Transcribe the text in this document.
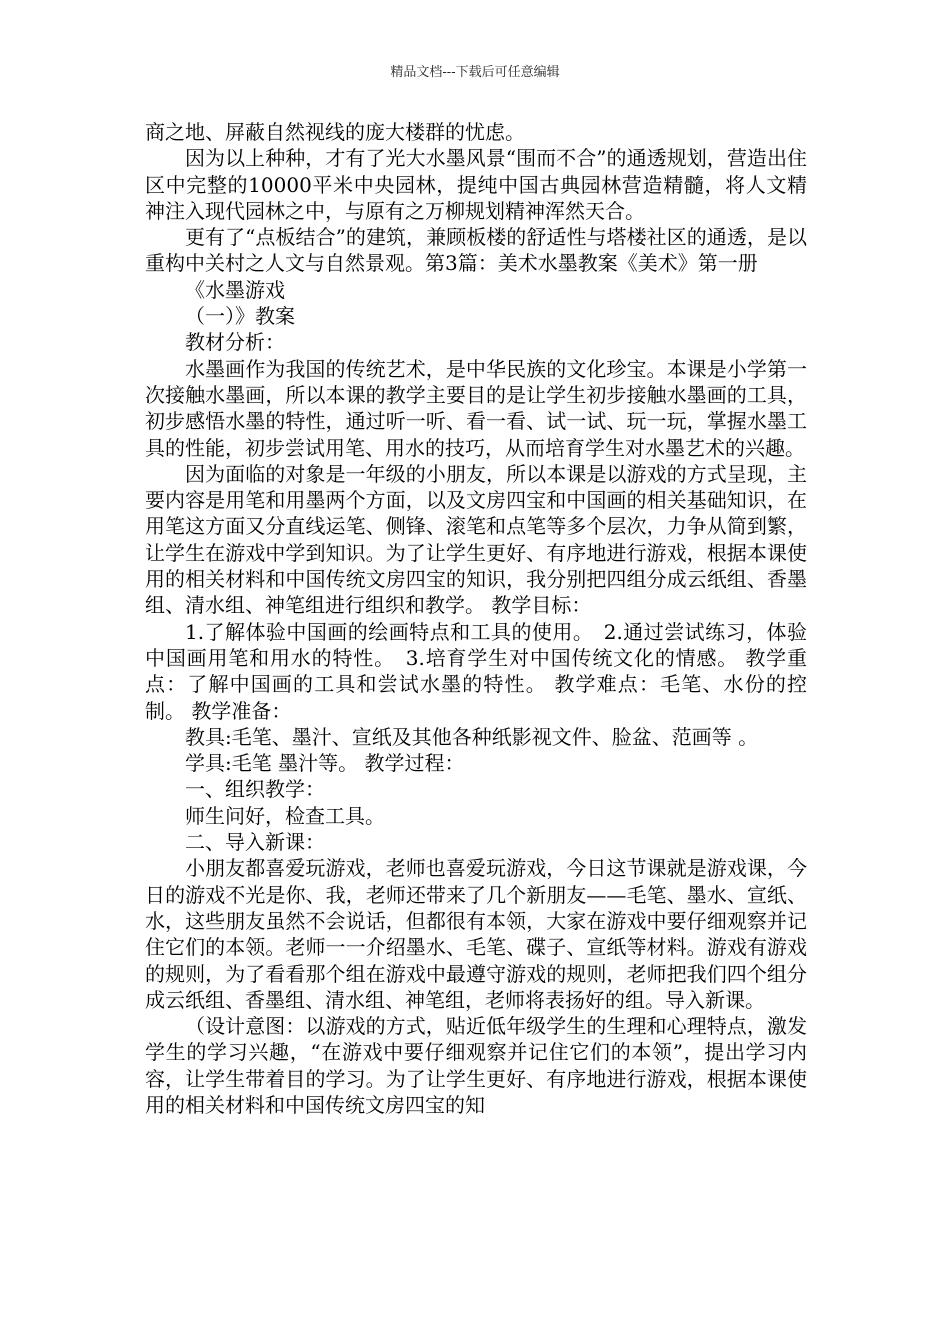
精品文档---下载后可任意编辑

商之地、屏蔽自然视线的庞大楼群的忧虑。

因为以上种种，才有了光大水墨风景“围而不合”的通透规划，营造出住区中完整的10000平米中央园林，提纯中国古典园林营造精髓，将人文精神注入现代园林之中，与原有之万柳规划精神浑然天合。

更有了“点板结合”的建筑，兼顾板楼的舒适性与塔楼社区的通透，是以重构中关村之人文与自然景观。第3篇：美术水墨教案《美术》第一册

《水墨游戏

（一）》教案

教材分析：

水墨画作为我国的传统艺术，是中华民族的文化珍宝。本课是小学第一次接触水墨画，所以本课的教学主要目的是让学生初步接触水墨画的工具，初步感悟水墨的特性，通过听一听、看一看、试一试、玩一玩，掌握水墨工具的性能，初步尝试用笔、用水的技巧，从而培育学生对水墨艺术的兴趣。

因为面临的对象是一年级的小朋友，所以本课是以游戏的方式呈现，主要内容是用笔和用墨两个方面，以及文房四宝和中国画的相关基础知识，在用笔这方面又分直线运笔、侧锋、滚笔和点笔等多个层次，力争从简到繁，让学生在游戏中学到知识。为了让学生更好、有序地进行游戏，根据本课使用的相关材料和中国传统文房四宝的知识，我分别把四组分成云纸组、香墨组、清水组、神笔组进行组织和教学。 教学目标：

1.了解体验中国画的绘画特点和工具的使用。　2.通过尝试练习，体验中国画用笔和用水的特性。　3.培育学生对中国传统文化的情感。 教学重点：了解中国画的工具和尝试水墨的特性。 教学难点：毛笔、水份的控制。 教学准备：

教具:毛笔、墨汁、宣纸及其他各种纸影视文件、脸盆、范画等 。

学具:毛笔 墨汁等。 教学过程：

一、组织教学：

师生问好，检查工具。

二、导入新课：

小朋友都喜爱玩游戏，老师也喜爱玩游戏，今日这节课就是游戏课，今日的游戏不光是你、我，老师还带来了几个新朋友——毛笔、墨水、宣纸、水，这些朋友虽然不会说话，但都很有本领，大家在游戏中要仔细观察并记住它们的本领。老师一一介绍墨水、毛笔、碟子、宣纸等材料。游戏有游戏的规则，为了看看那个组在游戏中最遵守游戏的规则，老师把我们四个组分成云纸组、香墨组、清水组、神笔组，老师将表扬好的组。导入新课。

（设计意图：以游戏的方式，贴近低年级学生的生理和心理特点，激发学生的学习兴趣，“在游戏中要仔细观察并记住它们的本领”，提出学习内容，让学生带着目的学习。为了让学生更好、有序地进行游戏，根据本课使用的相关材料和中国传统文房四宝的知
